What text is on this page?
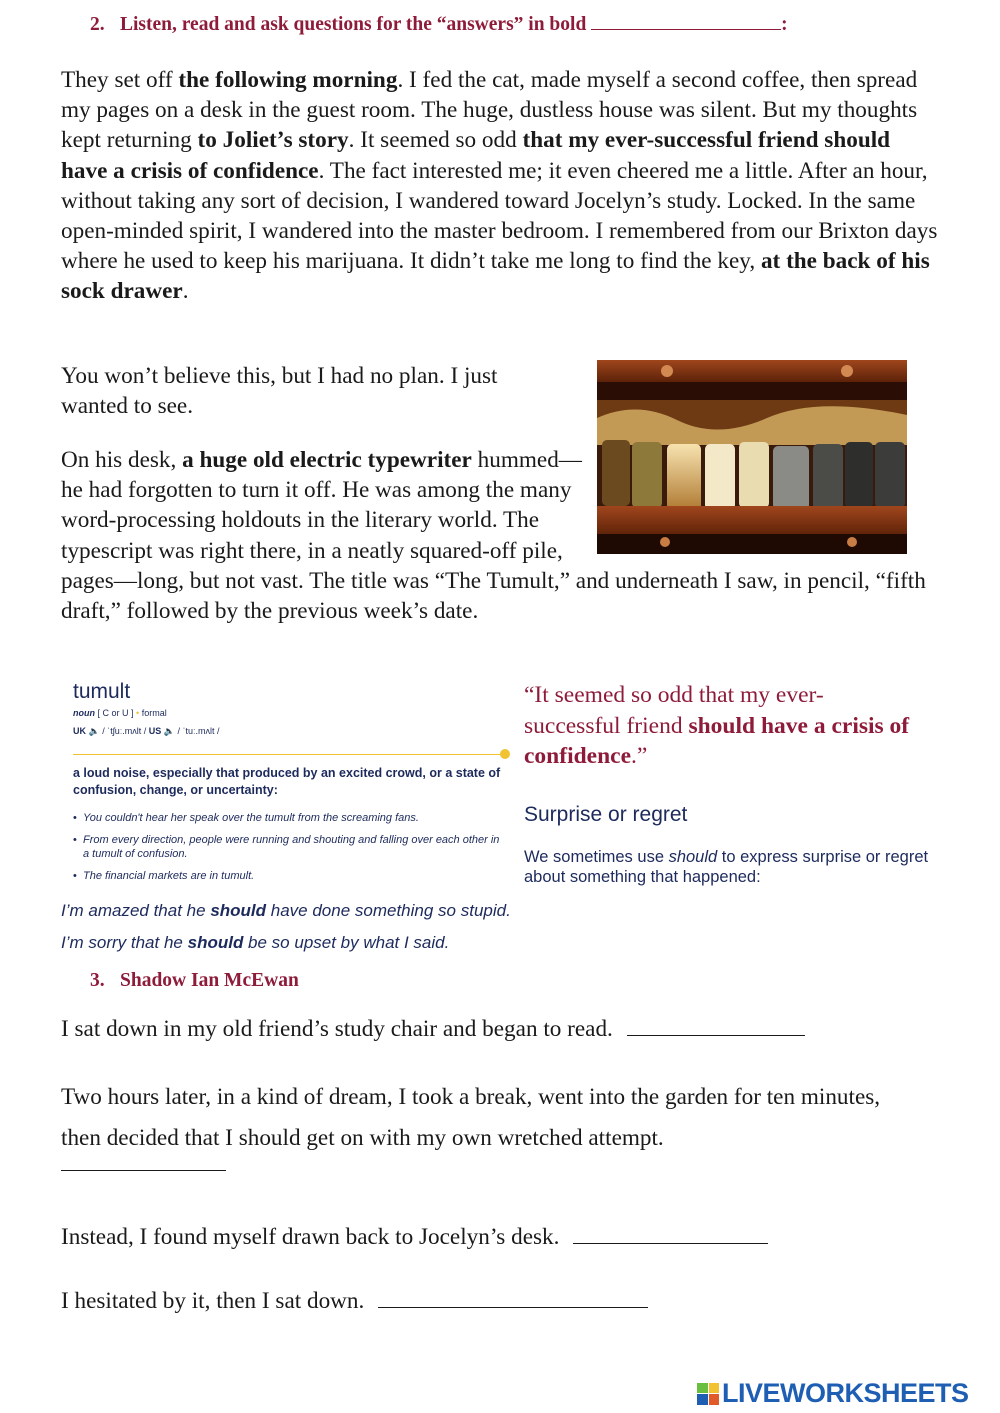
2. Listen, read and ask questions for the “answers” in bold	:
They set off the following morning. I fed the cat, made myself a second coffee, then spread my pages on a desk in the guest room. The huge, dustless house was silent. But my thoughts kept returning to Joliet’s story. It seemed so odd that my ever-successful friend should have a crisis of confidence. The fact interested me; it even cheered me a little. After an hour, without taking any sort of decision, I wandered toward Jocelyn’s study. Locked. In the same open-minded spirit, I wandered into the master bedroom. I remembered from our Brixton days where he used to keep his marijuana. It didn’t take me long to find the key, at the back of his sock drawer.
You won’t believe this, but I had no plan. I just wanted to see.
On his desk, a huge old electric typewriter hummed—he had forgotten to turn it off. He was among the many word-processing holdouts in the literary world. The typescript was right there, in a neatly squared-off pile,
pages—long, but not vast. The title was “The Tumult,” and underneath I saw, in pencil, “fifth draft,” followed by the previous week’s date.
tumult
noun [ C or U ] • formal
UK 🔈 / ˈtʃuː.mʌlt / US 🔈 / ˈtuː.mʌlt /
a loud noise, especially that produced by an excited crowd, or a state of confusion, change, or uncertainty:
• You couldn't hear her speak over the tumult from the screaming fans.
• From every direction, people were running and shouting and falling over each other in a tumult of confusion.
• The financial markets are in tumult.
“It seemed so odd that my ever-successful friend should have a crisis of confidence.”
Surprise or regret
We sometimes use should to express surprise or regret about something that happened:
I’m amazed that he should have done something so stupid.
I’m sorry that he should be so upset by what I said.
3. Shadow Ian McEwan
I sat down in my old friend’s study chair and began to read.
Two hours later, in a kind of dream, I took a break, went into the garden for ten minutes, then decided that I should get on with my own wretched attempt.
Instead, I found myself drawn back to Jocelyn’s desk.
I hesitated by it, then I sat down.
LIVEWORKSHEETS
